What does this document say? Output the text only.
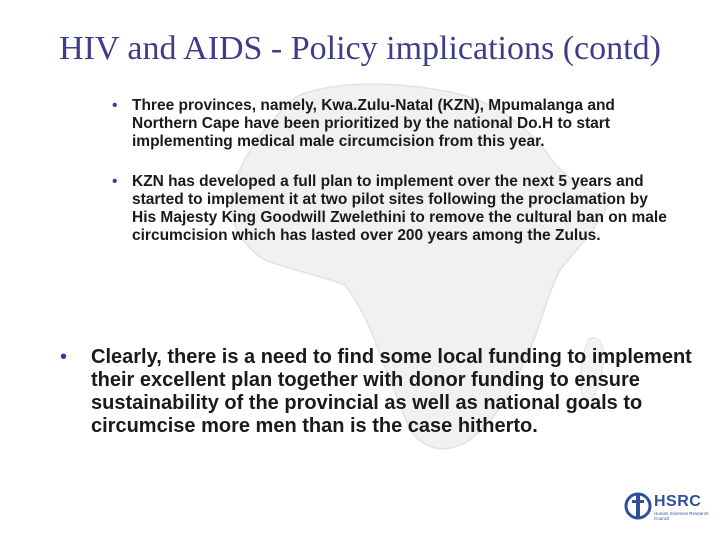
HIV and AIDS - Policy implications (contd)
• Three provinces, namely, Kwa.Zulu-Natal (KZN), Mpumalanga and Northern Cape have been prioritized by the national Do.H to start implementing medical male circumcision from this year.
• KZN has developed a full plan to implement over the next 5 years and started to implement it at two pilot sites following the proclamation by His Majesty King Goodwill Zwelethini to remove the cultural ban on male circumcision which has lasted over 200 years among the Zulus.
• Clearly, there is a need to find some local funding to implement their excellent plan together with donor funding to ensure sustainability of the provincial as well as national goals to circumcise more men than is the case hitherto.
HSRC
Human Sciences Research Council
